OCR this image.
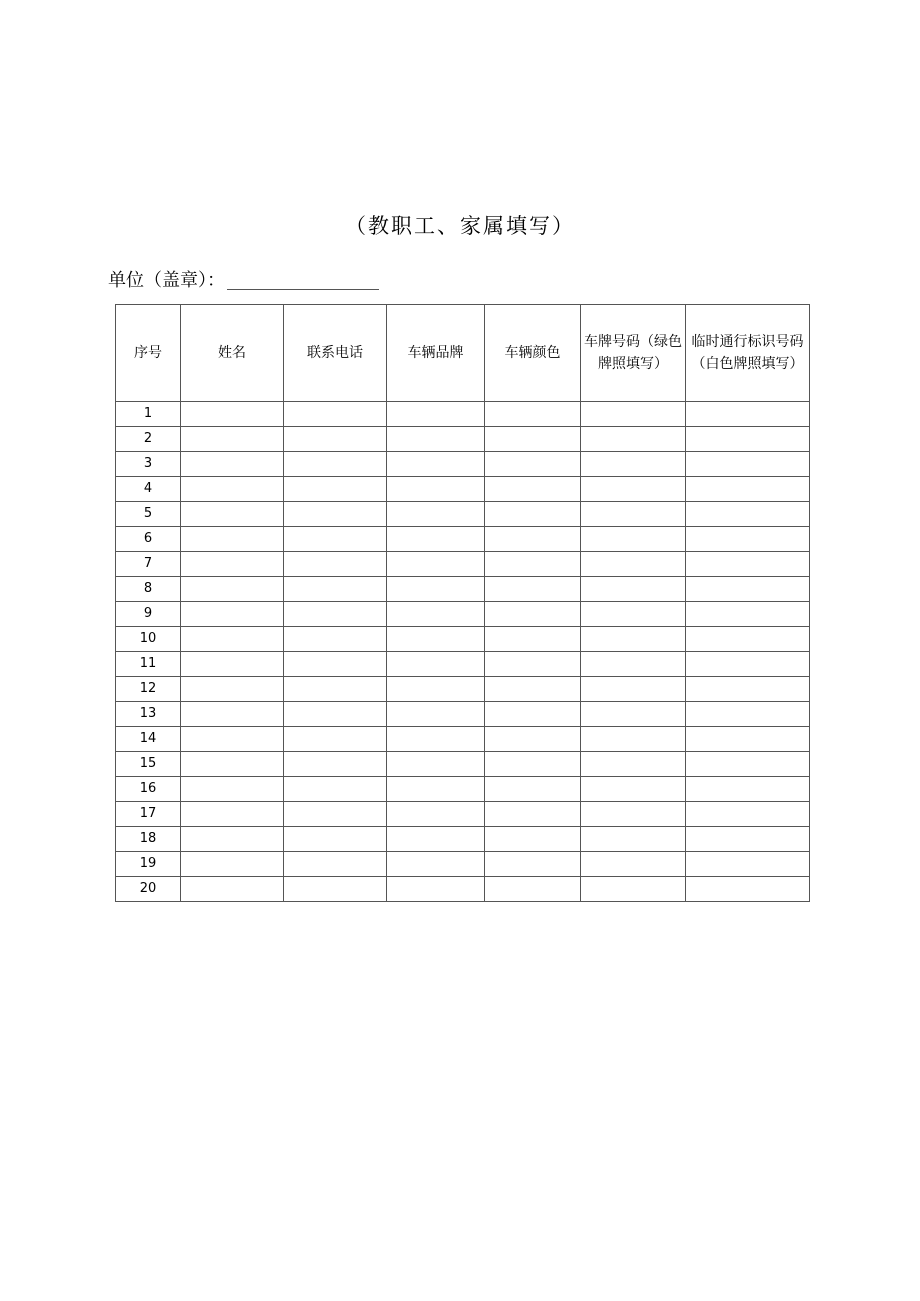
（教职工、家属填写）
单位（盖章）：
序号	姓名	联系电话	车辆品牌	车辆颜色	车牌号码（绿色牌照填写）	临时通行标识号码（白色牌照填写）
1						
2						
3						
4						
5						
6						
7						
8						
9						
10						
11						
12						
13						
14						
15						
16						
17						
18						
19						
20						
